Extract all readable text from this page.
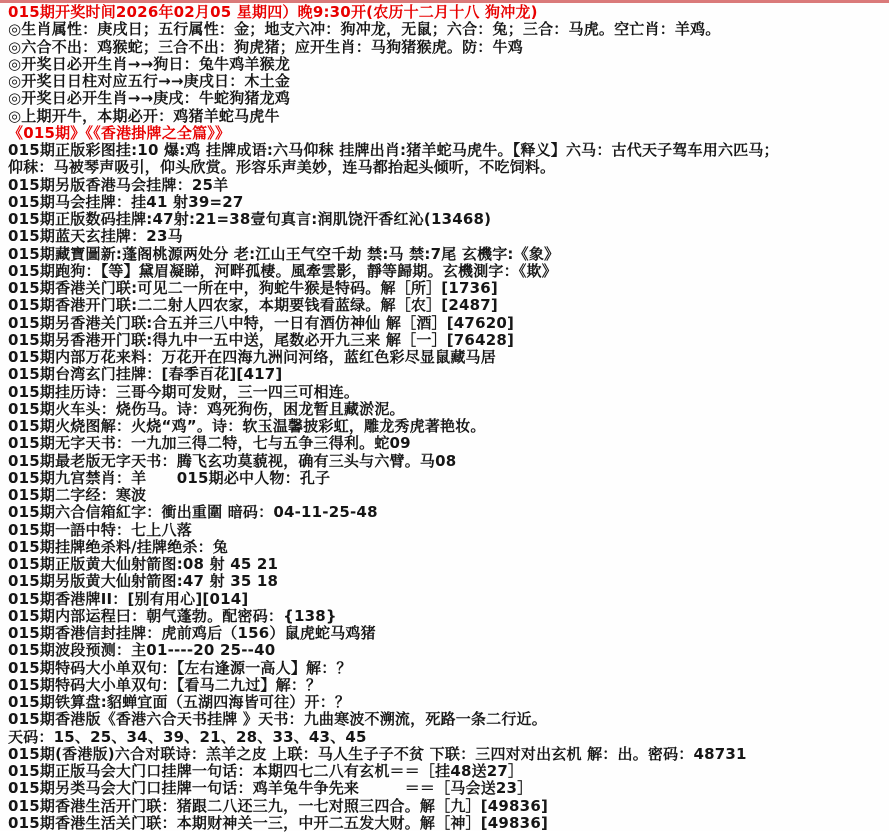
015期开奖时间2026年02月05 星期四）晚9:30开(农历十二月十八 狗冲龙)
◎生肖属性：庚戌日；五行属性：金；地支六冲：狗冲龙，无鼠；六合：兔；三合：马虎。空亡肖：羊鸡。
◎六合不出：鸡猴蛇；三合不出：狗虎猪；应开生肖：马狗猪猴虎。防：牛鸡
◎开奖日必开生肖→→狗日：兔牛鸡羊猴龙
◎开奖日日柱对应五行→→庚戌日：木土金
◎开奖日必开生肖→→庚戌：牛蛇狗猪龙鸡
◎上期开牛，本期必开：鸡猪羊蛇马虎牛
《015期》《《香港掛牌之全篇》》
015期正版彩图挂:10 爆:鸡 挂牌成语:六马仰秣 挂牌出肖:猪羊蛇马虎牛。【释义】六马：古代天子驾车用六匹马；
仰秣：马被琴声吸引，仰头欣赏。形容乐声美妙，连马都抬起头倾听，不吃饲料。
015期另版香港马会挂牌：25羊
015期马会挂牌：挂41 射39=27
015期正版数码挂牌:47射:21=38壹句真言:润肌饶汗香红沁(13468)
015期蓝天玄挂牌：23马
015期藏寶圖新:蓬阁桃源两处分 老:江山王气空千劫 禁:马 禁:7尾 玄機字:《象》
015期跑狗：【等】黛眉凝睇，河畔孤棲。風牽雲影，靜等歸期。玄機測字：《欺》
015期香港关门联:可见二一所在中，狗蛇牛猴是特码。解［所］[1736]
015期香港开门联:二二射人四农家，本期要钱看蓝绿。解［农］[2487]
015期另香港关门联:合五并三八中特，一日有酒仿神仙 解［酒］[47620]
015期另香港开门联:得九中一五中送，尾数必开九三来 解［一］[76428]
015期内部万花来料：万花开在四海九洲问河络，蓝红色彩尽显鼠藏马居
015期台湾玄门挂牌：[春季百花][417]
015期挂历诗：三哥今期可发财，三一四三可相连。
015期火车头：烧伤马。诗：鸡死狗伤，困龙暂且藏淤泥。
015期火烧图解：火烧“鸡”。诗：软玉温馨披彩虹，雕龙秀虎著艳妆。
015期无字天书：一九加三得二特，七与五争三得利。蛇09
015期最老版无字天书：腾飞玄功莫藐视，确有三头与六臂。马08
015期九宫禁肖：羊　　015期必中人物：孔子
015期二字经：寒波
015期六合信箱紅字：衝出重圍 暗码：04-11-25-48
015期一語中特：七上八落
015期挂牌绝杀料/挂牌绝杀：兔
015期正版黄大仙射箭图:08 射 45 21
015期另版黄大仙射箭图:47 射 35 18
015期香港牌II：[别有用心][014]
015期内部运程曰：朝气蓬勃。配密码：{138}
015期香港信封挂牌：虎前鸡后（156）鼠虎蛇马鸡猪
015期波段预测：主01----20 25--40
015期特码大小单双句：【左右逢源一高人】解：？
015期特码大小单双句：【看马二九过】解：？
015期铁算盘:貂蝉宜面（五湖四海皆可往）开：？
015期香港版《香港六合天书挂牌 》天书：九曲寒波不溯流，死路一条二行近。
天码：15、25、34、39、21、28、33、43、45
015期(香港版)六合对联诗：羔羊之皮 上联：马人生子子不贫 下联：三四对对出玄机 解：出。密码：48731
015期正版马会大门口挂牌一句话：本期四七二八有玄机＝＝［挂48送27］
015期另类马会大门口挂牌一句话：鸡羊兔牛争先来　　　＝＝［马会送23］
015期香港生活开门联：猪跟二八还三九，一七对照三四合。解［九］[49836]
015期香港生活关门联：本期财神关一三，中开二五发大财。解［神］[49836]
